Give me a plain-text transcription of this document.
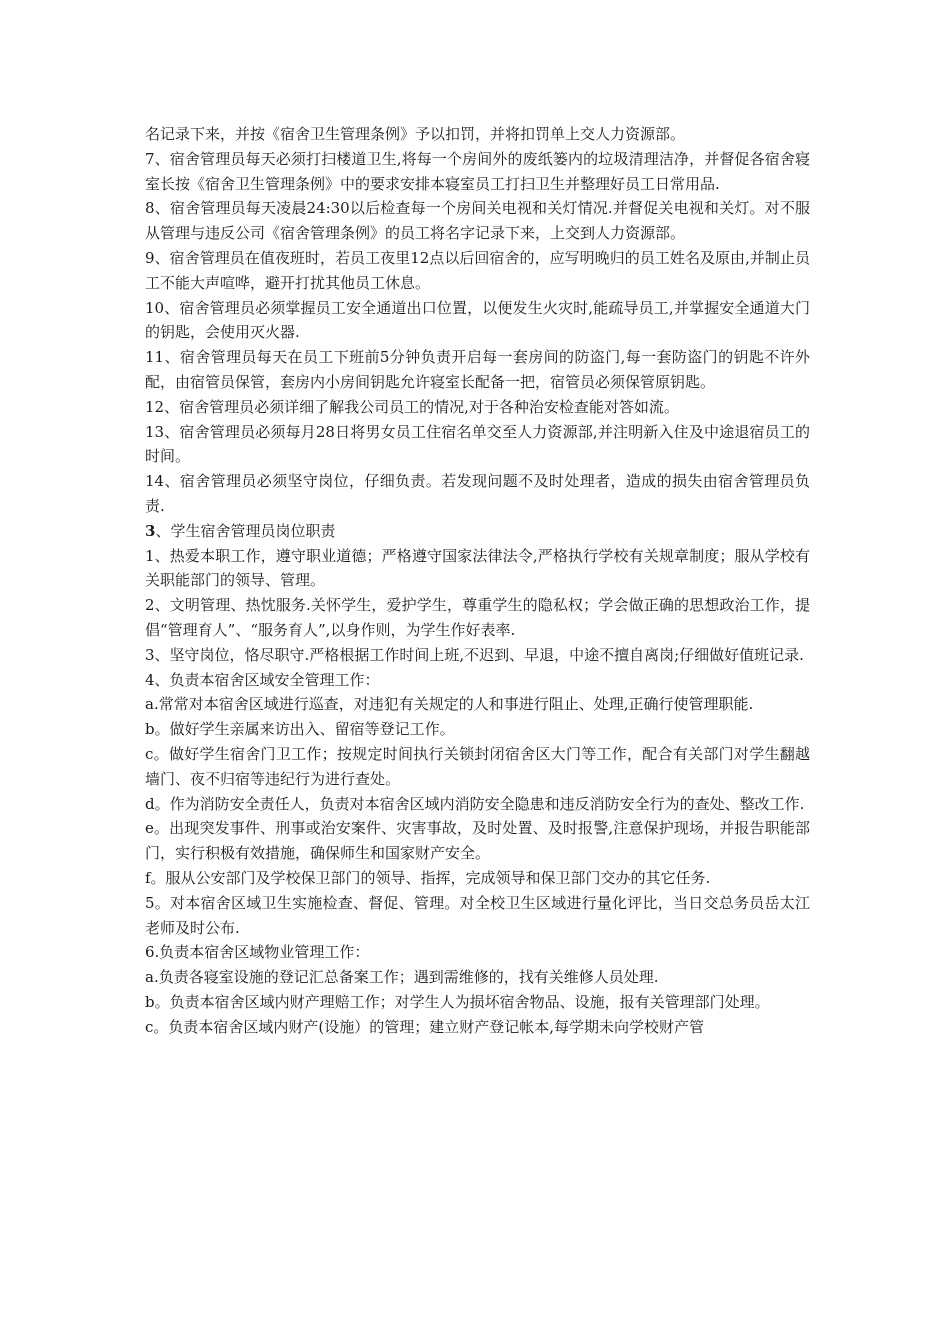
名记录下来，并按《宿舍卫生管理条例》予以扣罚，并将扣罚单上交人力资源部。

7、宿舍管理员每天必须打扫楼道卫生,将每一个房间外的废纸篓内的垃圾清理洁净，并督促各宿舍寝室长按《宿舍卫生管理条例》中的要求安排本寝室员工打扫卫生并整理好员工日常用品.

8、宿舍管理员每天凌晨24:30以后检查每一个房间关电视和关灯情况.并督促关电视和关灯。对不服从管理与违反公司《宿舍管理条例》的员工将名字记录下来，上交到人力资源部。

9、宿舍管理员在值夜班时，若员工夜里12点以后回宿舍的，应写明晚归的员工姓名及原由,并制止员工不能大声喧哗，避开打扰其他员工休息。

10、宿舍管理员必须掌握员工安全通道出口位置，以便发生火灾时,能疏导员工,并掌握安全通道大门的钥匙，会使用灭火器.

11、宿舍管理员每天在员工下班前5分钟负责开启每一套房间的防盗门,每一套防盗门的钥匙不许外配，由宿管员保管，套房内小房间钥匙允许寝室长配备一把，宿管员必须保管原钥匙。

12、宿舍管理员必须详细了解我公司员工的情况,对于各种治安检查能对答如流。

13、宿舍管理员必须每月28日将男女员工住宿名单交至人力资源部,并注明新入住及中途退宿员工的时间。

14、宿舍管理员必须坚守岗位，仔细负责。若发现问题不及时处理者，造成的损失由宿舍管理员负责.

3、学生宿舍管理员岗位职责

1、热爱本职工作，遵守职业道德；严格遵守国家法律法令,严格执行学校有关规章制度；服从学校有关职能部门的领导、管理。

2、文明管理、热忱服务.关怀学生，爱护学生，尊重学生的隐私权；学会做正确的思想政治工作，提倡“管理育人”、“服务育人”,以身作则，为学生作好表率.

3、坚守岗位，恪尽职守.严格根据工作时间上班,不迟到、早退，中途不擅自离岗;仔细做好值班记录.

4、负责本宿舍区域安全管理工作：

a.常常对本宿舍区域进行巡查，对违犯有关规定的人和事进行阻止、处理,正确行使管理职能.

b。做好学生亲属来访出入、留宿等登记工作。

c。做好学生宿舍门卫工作；按规定时间执行关锁封闭宿舍区大门等工作，配合有关部门对学生翻越墙门、夜不归宿等违纪行为进行查处。

d。作为消防安全责任人，负责对本宿舍区域内消防安全隐患和违反消防安全行为的查处、整改工作.

e。出现突发事件、刑事或治安案件、灾害事故，及时处置、及时报警,注意保护现场，并报告职能部门，实行积极有效措施，确保师生和国家财产安全。

f。服从公安部门及学校保卫部门的领导、指挥，完成领导和保卫部门交办的其它任务.

5。对本宿舍区域卫生实施检查、督促、管理。对全校卫生区域进行量化评比，当日交总务员岳太江老师及时公布.

6.负责本宿舍区域物业管理工作：

a.负责各寝室设施的登记汇总备案工作；遇到需维修的，找有关维修人员处理.

b。负责本宿舍区域内财产理赔工作；对学生人为损坏宿舍物品、设施，报有关管理部门处理。

c。负责本宿舍区域内财产(设施）的管理；建立财产登记帐本,每学期未向学校财产管
